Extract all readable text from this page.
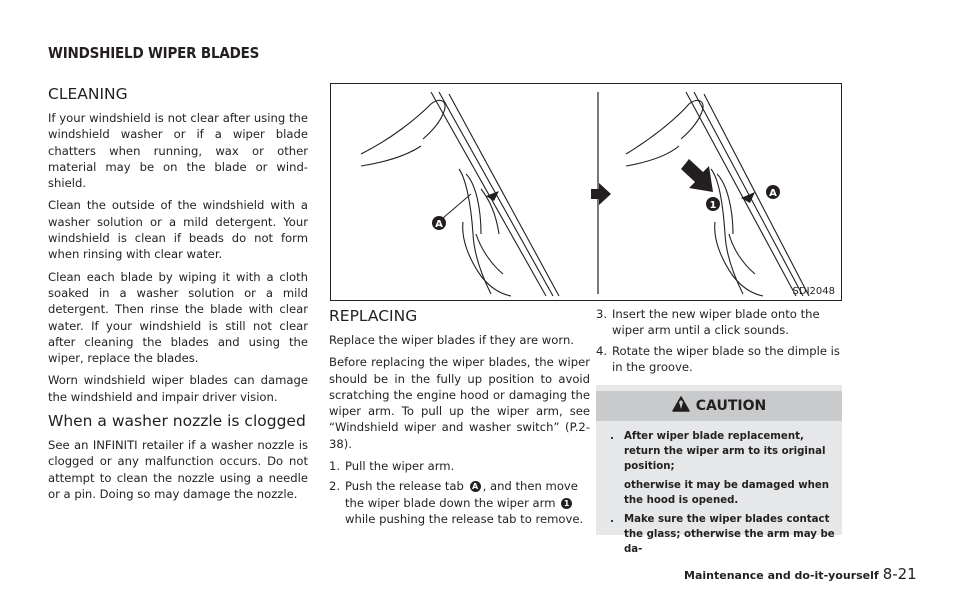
WINDSHIELD WIPER BLADES
CLEANING

If your windshield is not clear after using the windshield washer or if a wiper blade chatters when running, wax or other material may be on the blade or wind-shield.

Clean the outside of the windshield with a washer solution or a mild detergent. Your windshield is clean if beads do not form when rinsing with clear water.

Clean each blade by wiping it with a cloth soaked in a washer solution or a mild detergent. Then rinse the blade with clear water. If your windshield is still not clear after cleaning the blades and using the wiper, replace the blades.

Worn windshield wiper blades can damage the windshield and impair driver vision.

When a washer nozzle is clogged

See an INFINITI retailer if a washer nozzle is clogged or any malfunction occurs. Do not attempt to clean the nozzle using a needle or a pin. Doing so may damage the nozzle.

A
1
A
SDI2048
REPLACING

Replace the wiper blades if they are worn.

Before replacing the wiper blades, the wiper should be in the fully up position to avoid scratching the engine hood or damaging the wiper arm. To pull up the wiper arm, see “Windshield wiper and washer switch” (P.2-38).

1. Pull the wiper arm.
2. Push the release tab A , and then move the wiper blade down the wiper arm 1 while pushing the release tab to remove.
3. Insert the new wiper blade onto the wiper arm until a click sounds.
4. Rotate the wiper blade so the dimple is in the groove.
CAUTION
. After wiper blade replacement, return the wiper arm to its original position;
otherwise it may be damaged when the hood is opened.
. Make sure the wiper blades contact the glass; otherwise the arm may be da-
Maintenance and do-it-yourself 8-21
